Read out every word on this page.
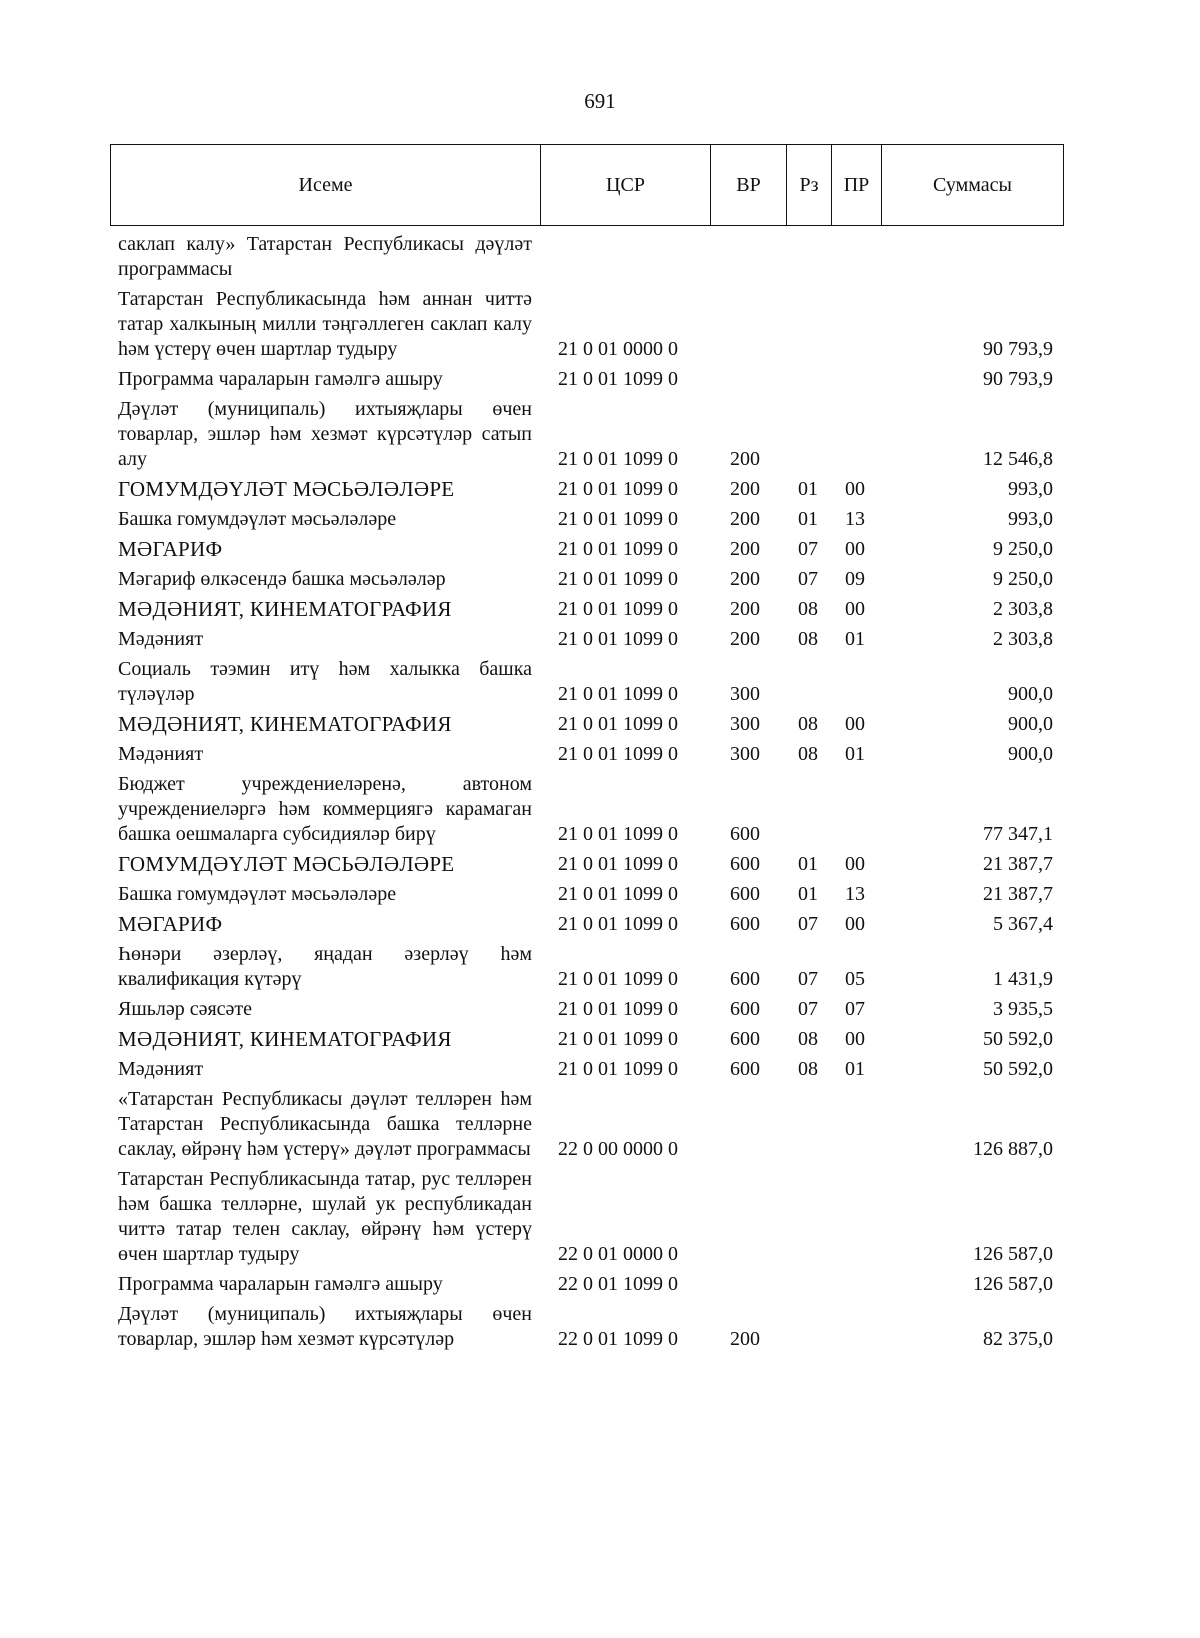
691
Исеме	ЦСР	ВР	Рз	ПР	Суммасы
саклап калу» Татарстан Республикасы дәүләт программасы					
Татарстан Республикасында һәм аннан читтә татар халкының милли тәңгәллеген саклап калу һәм үстерү өчен шартлар тудыру	21 0 01 0000 0				90 793,9
Программа чараларын гамәлгә ашыру	21 0 01 1099 0				90 793,9
Дәүләт (муниципаль) ихтыяҗлары өчен товарлар, эшләр һәм хезмәт күрсәтүләр сатып алу	21 0 01 1099 0	200			12 546,8
ГОМУМДӘҮЛӘТ МӘСЬӘЛӘЛӘРЕ	21 0 01 1099 0	200	01	00	993,0
Башка гомумдәүләт мәсьәләләре	21 0 01 1099 0	200	01	13	993,0
МӘГАРИФ	21 0 01 1099 0	200	07	00	9 250,0
Мәгариф өлкәсендә башка мәсьәләләр	21 0 01 1099 0	200	07	09	9 250,0
МӘДӘНИЯТ, КИНЕМАТОГРАФИЯ	21 0 01 1099 0	200	08	00	2 303,8
Мәдәният	21 0 01 1099 0	200	08	01	2 303,8
Социаль тәэмин итү һәм халыкка башка түләүләр	21 0 01 1099 0	300			900,0
МӘДӘНИЯТ, КИНЕМАТОГРАФИЯ	21 0 01 1099 0	300	08	00	900,0
Мәдәният	21 0 01 1099 0	300	08	01	900,0
Бюджет учреждениеләренә, автоном учреждениеләргә һәм коммерциягә карамаган башка оешмаларга субсидияләр бирү	21 0 01 1099 0	600			77 347,1
ГОМУМДӘҮЛӘТ МӘСЬӘЛӘЛӘРЕ	21 0 01 1099 0	600	01	00	21 387,7
Башка гомумдәүләт мәсьәләләре	21 0 01 1099 0	600	01	13	21 387,7
МӘГАРИФ	21 0 01 1099 0	600	07	00	5 367,4
Һөнәри әзерләү, яңадан әзерләү һәм квалификация күтәрү	21 0 01 1099 0	600	07	05	1 431,9
Яшьләр сәясәте	21 0 01 1099 0	600	07	07	3 935,5
МӘДӘНИЯТ, КИНЕМАТОГРАФИЯ	21 0 01 1099 0	600	08	00	50 592,0
Мәдәният	21 0 01 1099 0	600	08	01	50 592,0
«Татарстан Республикасы дәүләт телләрен һәм Татарстан Республикасында башка телләрне саклау, өйрәнү һәм үстерү» дәүләт программасы	22 0 00 0000 0				126 887,0
Татарстан Республикасында татар, рус телләрен һәм башка телләрне, шулай ук республикадан читтә татар телен саклау, өйрәнү һәм үстерү өчен шартлар тудыру	22 0 01 0000 0				126 587,0
Программа чараларын гамәлгә ашыру	22 0 01 1099 0				126 587,0
Дәүләт (муниципаль) ихтыяҗлары өчен товарлар, эшләр һәм хезмәт күрсәтүләр	22 0 01 1099 0	200			82 375,0
